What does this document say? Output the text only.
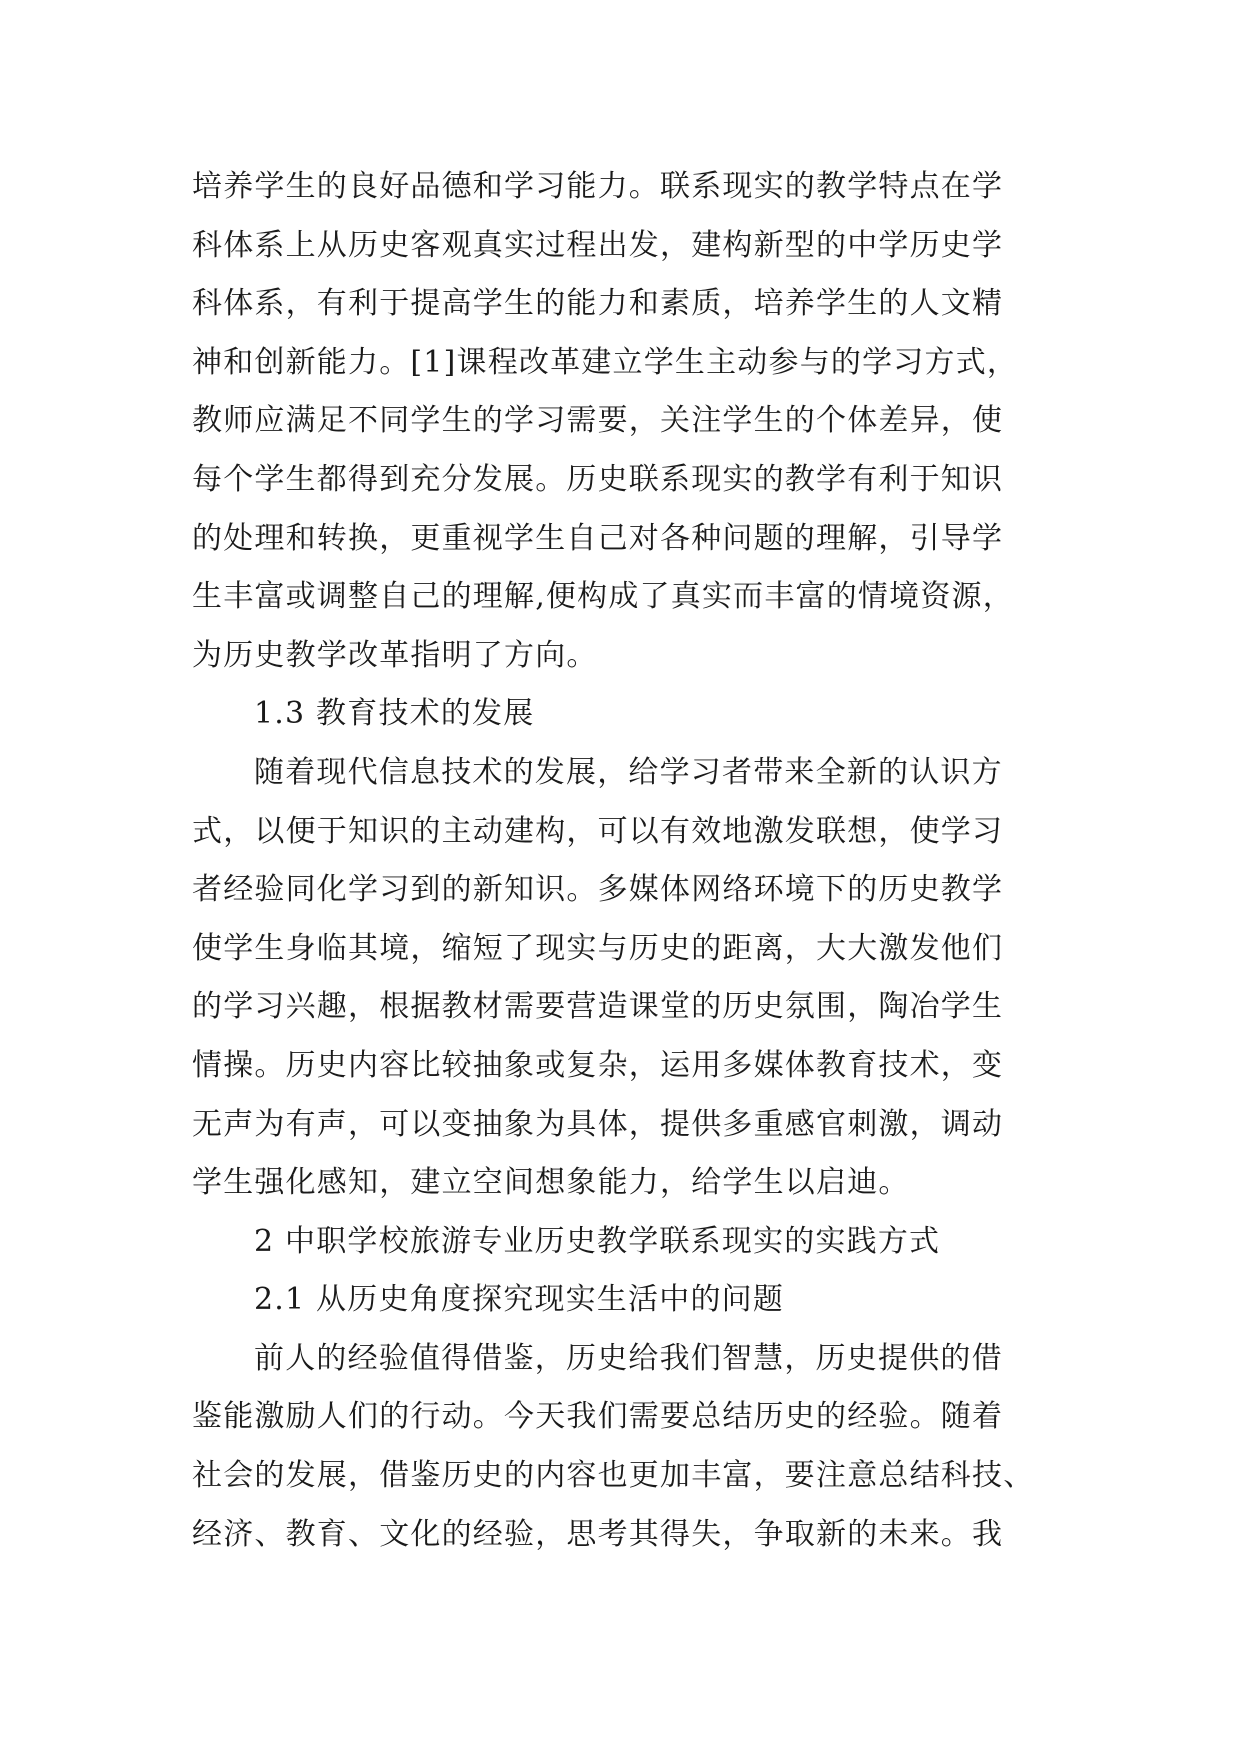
培养学生的良好品德和学习能力。联系现实的教学特点在学
科体系上从历史客观真实过程出发，建构新型的中学历史学
科体系，有利于提高学生的能力和素质，培养学生的人文精
神和创新能力。[1]课程改革建立学生主动参与的学习方式，
教师应满足不同学生的学习需要，关注学生的个体差异，使
每个学生都得到充分发展。历史联系现实的教学有利于知识
的处理和转换，更重视学生自己对各种问题的理解，引导学
生丰富或调整自己的理解,便构成了真实而丰富的情境资源，
为历史教学改革指明了方向。
1.3 教育技术的发展
随着现代信息技术的发展，给学习者带来全新的认识方
式，以便于知识的主动建构，可以有效地激发联想，使学习
者经验同化学习到的新知识。多媒体网络环境下的历史教学
使学生身临其境，缩短了现实与历史的距离，大大激发他们
的学习兴趣，根据教材需要营造课堂的历史氛围，陶冶学生
情操。历史内容比较抽象或复杂，运用多媒体教育技术，变
无声为有声，可以变抽象为具体，提供多重感官刺激，调动
学生强化感知，建立空间想象能力，给学生以启迪。
2 中职学校旅游专业历史教学联系现实的实践方式
2.1 从历史角度探究现实生活中的问题
前人的经验值得借鉴，历史给我们智慧，历史提供的借
鉴能激励人们的行动。今天我们需要总结历史的经验。随着
社会的发展，借鉴历史的内容也更加丰富，要注意总结科技、
经济、教育、文化的经验，思考其得失，争取新的未来。我
